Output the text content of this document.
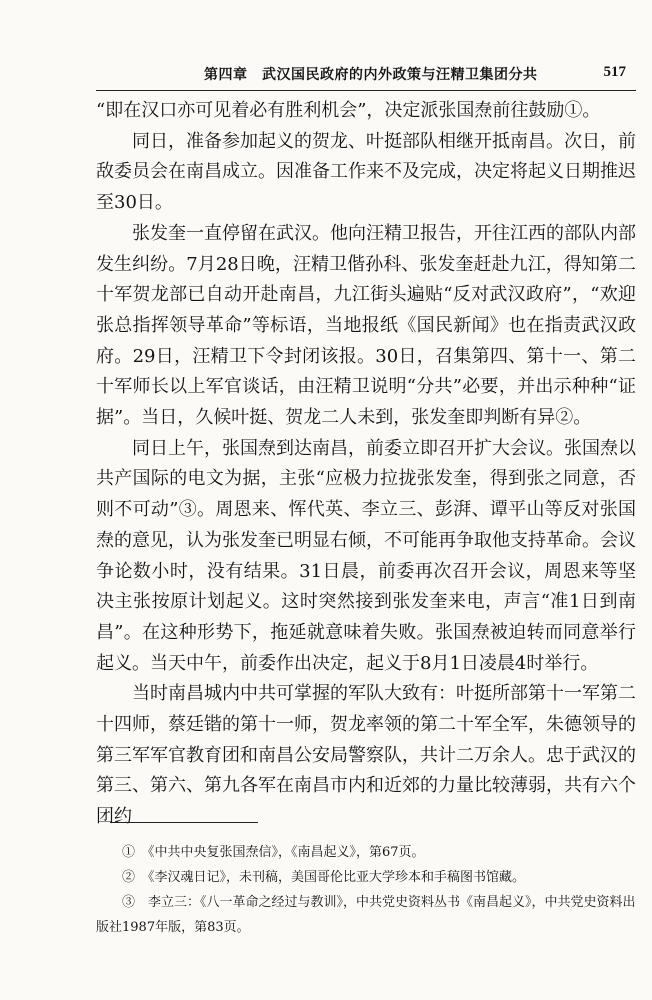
第四章　武汉国民政府的内外政策与汪精卫集团分共	517

“即在汉口亦可见着必有胜利机会”，决定派张国焘前往鼓励①。

同日，准备参加起义的贺龙、叶挺部队相继开抵南昌。次日，前敌委员会在南昌成立。因准备工作来不及完成，决定将起义日期推迟至30日。

张发奎一直停留在武汉。他向汪精卫报告，开往江西的部队内部发生纠纷。7月28日晚，汪精卫偕孙科、张发奎赶赴九江，得知第二十军贺龙部已自动开赴南昌，九江街头遍贴“反对武汉政府”，“欢迎张总指挥领导革命”等标语，当地报纸《国民新闻》也在指责武汉政府。29日，汪精卫下令封闭该报。30日，召集第四、第十一、第二十军师长以上军官谈话，由汪精卫说明“分共”必要，并出示种种“证据”。当日，久候叶挺、贺龙二人未到，张发奎即判断有异②。

同日上午，张国焘到达南昌，前委立即召开扩大会议。张国焘以共产国际的电文为据，主张“应极力拉拢张发奎，得到张之同意，否则不可动”③。周恩来、恽代英、李立三、彭湃、谭平山等反对张国焘的意见，认为张发奎已明显右倾，不可能再争取他支持革命。会议争论数小时，没有结果。31日晨，前委再次召开会议，周恩来等坚决主张按原计划起义。这时突然接到张发奎来电，声言“准1日到南昌”。在这种形势下，拖延就意味着失败。张国焘被迫转而同意举行起义。当天中午，前委作出决定，起义于8月1日凌晨4时举行。

当时南昌城内中共可掌握的军队大致有：叶挺所部第十一军第二十四师，蔡廷锴的第十一师，贺龙率领的第二十军全军，朱德领导的第三军军官教育团和南昌公安局警察队，共计二万余人。忠于武汉的第三、第六、第九各军在南昌市内和近郊的力量比较薄弱，共有六个团约

①　《中共中央复张国焘信》，《南昌起义》，第67页。

②　《李汉魂日记》，未刊稿，美国哥伦比亚大学珍本和手稿图书馆藏。

③　李立三：《八一革命之经过与教训》，中共党史资料丛书《南昌起义》，中共党史资料出版社1987年版，第83页。
